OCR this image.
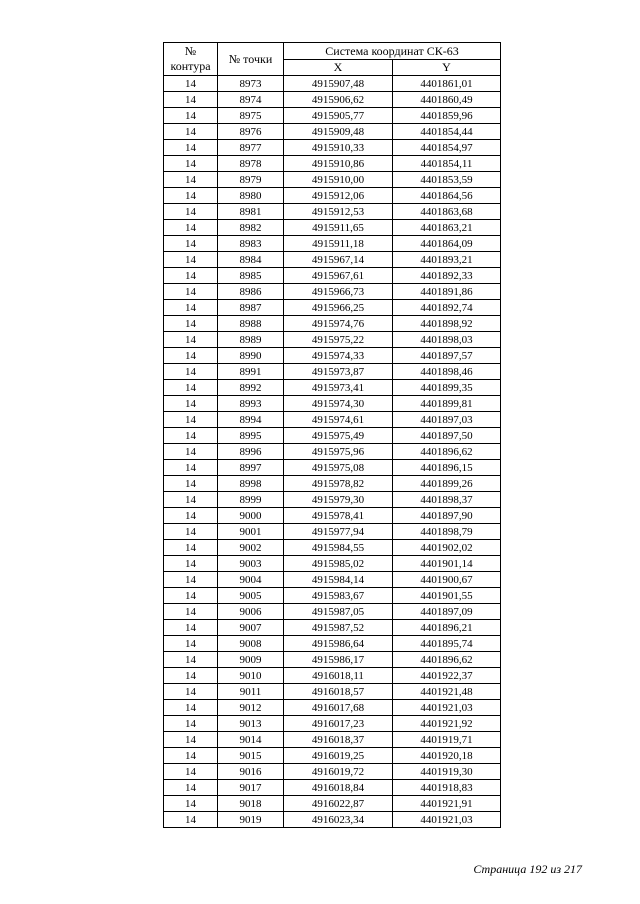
№ контура	№ точки	Система координат СК-63	
		X	Y
14	8973	4915907,48	4401861,01
14	8974	4915906,62	4401860,49
14	8975	4915905,77	4401859,96
14	8976	4915909,48	4401854,44
14	8977	4915910,33	4401854,97
14	8978	4915910,86	4401854,11
14	8979	4915910,00	4401853,59
14	8980	4915912,06	4401864,56
14	8981	4915912,53	4401863,68
14	8982	4915911,65	4401863,21
14	8983	4915911,18	4401864,09
14	8984	4915967,14	4401893,21
14	8985	4915967,61	4401892,33
14	8986	4915966,73	4401891,86
14	8987	4915966,25	4401892,74
14	8988	4915974,76	4401898,92
14	8989	4915975,22	4401898,03
14	8990	4915974,33	4401897,57
14	8991	4915973,87	4401898,46
14	8992	4915973,41	4401899,35
14	8993	4915974,30	4401899,81
14	8994	4915974,61	4401897,03
14	8995	4915975,49	4401897,50
14	8996	4915975,96	4401896,62
14	8997	4915975,08	4401896,15
14	8998	4915978,82	4401899,26
14	8999	4915979,30	4401898,37
14	9000	4915978,41	4401897,90
14	9001	4915977,94	4401898,79
14	9002	4915984,55	4401902,02
14	9003	4915985,02	4401901,14
14	9004	4915984,14	4401900,67
14	9005	4915983,67	4401901,55
14	9006	4915987,05	4401897,09
14	9007	4915987,52	4401896,21
14	9008	4915986,64	4401895,74
14	9009	4915986,17	4401896,62
14	9010	4916018,11	4401922,37
14	9011	4916018,57	4401921,48
14	9012	4916017,68	4401921,03
14	9013	4916017,23	4401921,92
14	9014	4916018,37	4401919,71
14	9015	4916019,25	4401920,18
14	9016	4916019,72	4401919,30
14	9017	4916018,84	4401918,83
14	9018	4916022,87	4401921,91
14	9019	4916023,34	4401921,03
Страница 192 из 217
